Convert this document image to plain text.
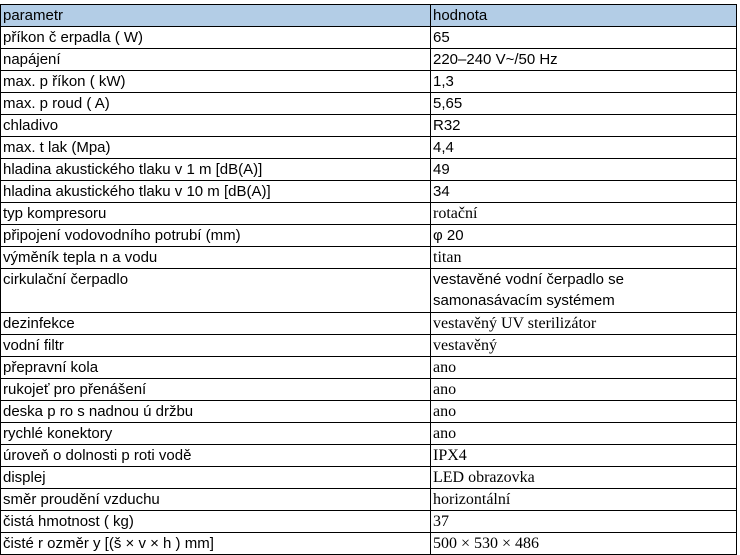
parametr	hodnota
příkon č erpadla ( W)	65
napájení	220–240 V~/50 Hz
max. p říkon ( kW)	1,3
max. p roud ( A)	5,65
chladivo	R32
max. t lak (Mpa)	4,4
hladina akustického tlaku v 1 m [dB(A)]	49
hladina akustického tlaku v 10 m [dB(A)]	34
typ kompresoru	rotační
připojení vodovodního potrubí (mm)	φ 20
výměník tepla n a vodu	titan
cirkulační čerpadlo	vestavěné vodní čerpadlo se samonasávacím systémem
dezinfekce	vestavěný UV sterilizátor
vodní filtr	vestavěný
přepravní kola	ano
rukojeť pro přenášení	ano
deska p ro s nadnou ú držbu	ano
rychlé konektory	ano
úroveň o dolnosti p roti vodě	IPX4
displej	LED obrazovka
směr proudění vzduchu	horizontální
čistá hmotnost ( kg)	37
čisté r ozměr y [(š × v × h ) mm]	500 × 530 × 486
